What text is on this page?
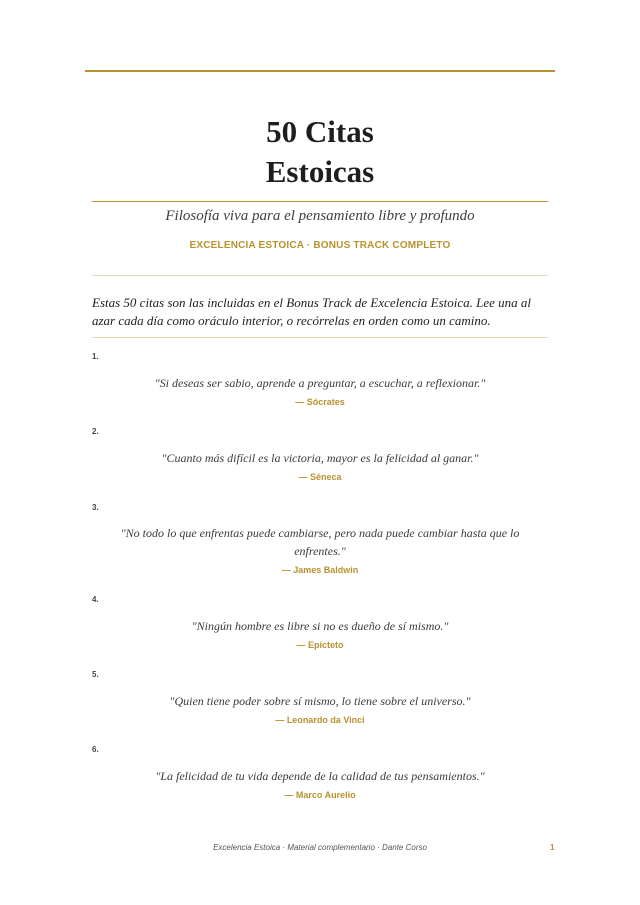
50 Citas
Estoicas
Filosofía viva para el pensamiento libre y profundo
EXCELENCIA ESTOICA · BONUS TRACK COMPLETO
Estas 50 citas son las incluidas en el Bonus Track de Excelencia Estoica. Lee una al azar cada día como oráculo interior, o recórrelas en orden como un camino.
1.
"Si deseas ser sabio, aprende a preguntar, a escuchar, a reflexionar."
— Sócrates
2.
"Cuanto más difícil es la victoria, mayor es la felicidad al ganar."
— Séneca
3.
"No todo lo que enfrentas puede cambiarse, pero nada puede cambiar hasta que lo enfrentes."
— James Baldwin
4.
"Ningún hombre es libre si no es dueño de sí mismo."
— Epicteto
5.
"Quien tiene poder sobre sí mismo, lo tiene sobre el universo."
— Leonardo da Vinci
6.
"La felicidad de tu vida depende de la calidad de tus pensamientos."
— Marco Aurelio
Excelencia Estoica · Material complementario · Dante Corso	1
